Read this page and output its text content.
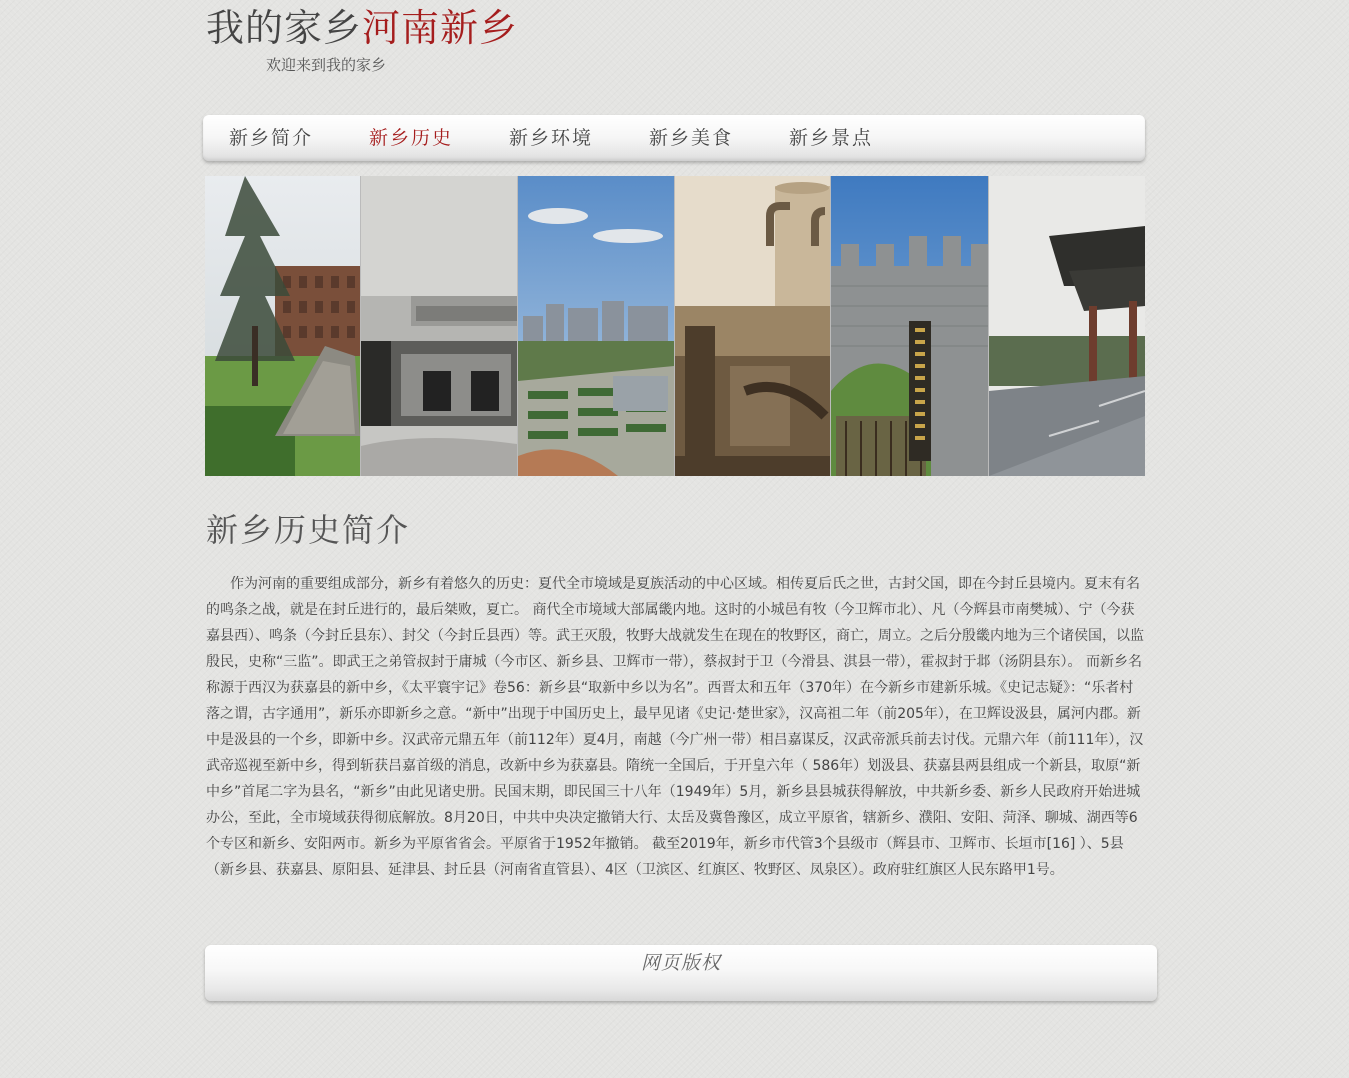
我的家乡河南新乡
欢迎来到我的家乡
新乡简介	新乡历史	新乡环境	新乡美食	新乡景点
新乡历史简介

作为河南的重要组成部分，新乡有着悠久的历史：夏代全市境域是夏族活动的中心区域。相传夏后氏之世，古封父国，即在今封丘县境内。夏末有名的鸣条之战，就是在封丘进行的，最后桀败，夏亡。 商代全市境域大部属畿内地。这时的小城邑有牧（今卫辉市北）、凡（今辉县市南樊城）、宁（今获嘉县西）、鸣条（今封丘县东）、封父（今封丘县西）等。武王灭殷，牧野大战就发生在现在的牧野区，商亡，周立。之后分殷畿内地为三个诸侯国，以监殷民，史称“三监”。即武王之弟管叔封于庸城（今市区、新乡县、卫辉市一带），蔡叔封于卫（今滑县、淇县一带），霍叔封于邶（汤阴县东）。 而新乡名称源于西汉为获嘉县的新中乡，《太平寰宇记》卷56：新乡县“取新中乡以为名”。西晋太和五年（370年）在今新乡市建新乐城。《史记志疑》：“乐者村落之谓，古字通用”，新乐亦即新乡之意。“新中”出现于中国历史上，最早见诸《史记·楚世家》，汉高祖二年（前205年），在卫辉设汲县，属河内郡。新中是汲县的一个乡，即新中乡。汉武帝元鼎五年（前112年）夏4月，南越（今广州一带）相吕嘉谋反，汉武帝派兵前去讨伐。元鼎六年（前111年），汉武帝巡视至新中乡，得到斩获吕嘉首级的消息，改新中乡为获嘉县。隋统一全国后，于开皇六年（ 586年）划汲县、获嘉县两县组成一个新县，取原“新中乡”首尾二字为县名，“新乡”由此见诸史册。民国末期，即民国三十八年（1949年）5月，新乡县县城获得解放，中共新乡委、新乡人民政府开始进城办公，至此，全市境域获得彻底解放。8月20日，中共中央决定撤销大行、太岳及冀鲁豫区，成立平原省，辖新乡、濮阳、安阳、菏泽、聊城、湖西等6个专区和新乡、安阳两市。新乡为平原省省会。平原省于1952年撤销。 截至2019年，新乡市代管3个县级市（辉县市、卫辉市、长垣市[16] ）、5县（新乡县、获嘉县、原阳县、延津县、封丘县（河南省直管县）、4区（卫滨区、红旗区、牧野区、凤泉区）。政府驻红旗区人民东路甲1号。

网页版权
